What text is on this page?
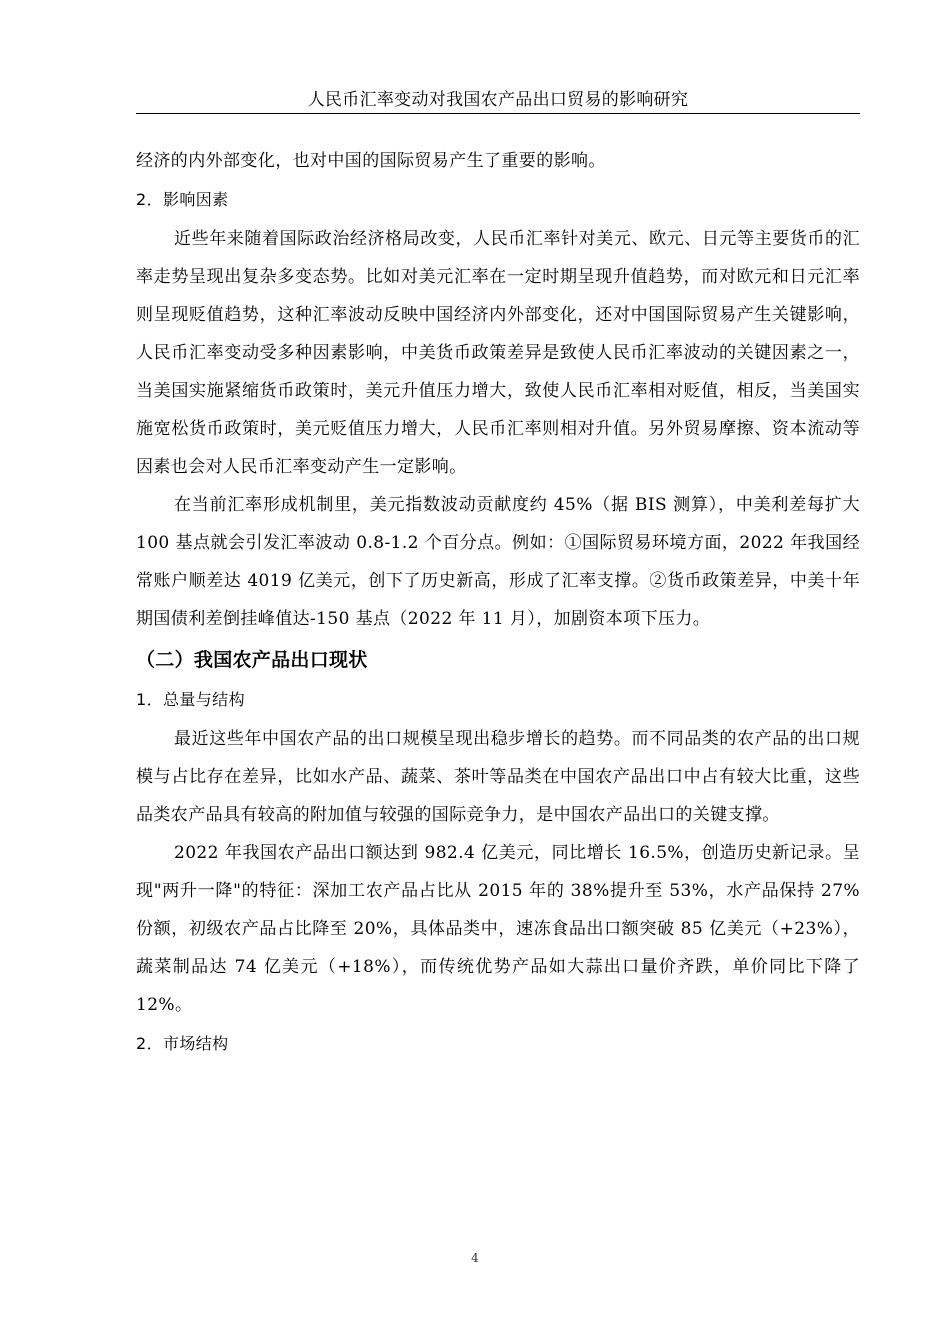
人民币汇率变动对我国农产品出口贸易的影响研究

经济的内外部变化，也对中国的国际贸易产生了重要的影响。

2．影响因素

近些年来随着国际政治经济格局改变，人民币汇率针对美元、欧元、日元等主要货币的汇率走势呈现出复杂多变态势。比如对美元汇率在一定时期呈现升值趋势，而对欧元和日元汇率则呈现贬值趋势，这种汇率波动反映中国经济内外部变化，还对中国国际贸易产生关键影响，人民币汇率变动受多种因素影响，中美货币政策差异是致使人民币汇率波动的关键因素之一，当美国实施紧缩货币政策时，美元升值压力增大，致使人民币汇率相对贬值，相反，当美国实施宽松货币政策时，美元贬值压力增大，人民币汇率则相对升值。另外贸易摩擦、资本流动等因素也会对人民币汇率变动产生一定影响。

在当前汇率形成机制里，美元指数波动贡献度约 45%（据 BIS 测算），中美利差每扩大 100 基点就会引发汇率波动 0.8-1.2 个百分点。例如：①国际贸易环境方面，2022 年我国经常账户顺差达 4019 亿美元，创下了历史新高，形成了汇率支撑。②货币政策差异，中美十年期国债利差倒挂峰值达-150 基点（2022 年 11 月），加剧资本项下压力。

（二）我国农产品出口现状
1．总量与结构

最近这些年中国农产品的出口规模呈现出稳步增长的趋势。而不同品类的农产品的出口规模与占比存在差异，比如水产品、蔬菜、茶叶等品类在中国农产品出口中占有较大比重，这些品类农产品具有较高的附加值与较强的国际竞争力，是中国农产品出口的关键支撑。

2022 年我国农产品出口额达到 982.4 亿美元，同比增长 16.5%，创造历史新记录。呈现"两升一降"的特征：深加工农产品占比从 2015 年的 38%提升至 53%，水产品保持 27%份额，初级农产品占比降至 20%，具体品类中，速冻食品出口额突破 85 亿美元（+23%），蔬菜制品达 74 亿美元（+18%），而传统优势产品如大蒜出口量价齐跌，单价同比下降了 12%。

2．市场结构
4
